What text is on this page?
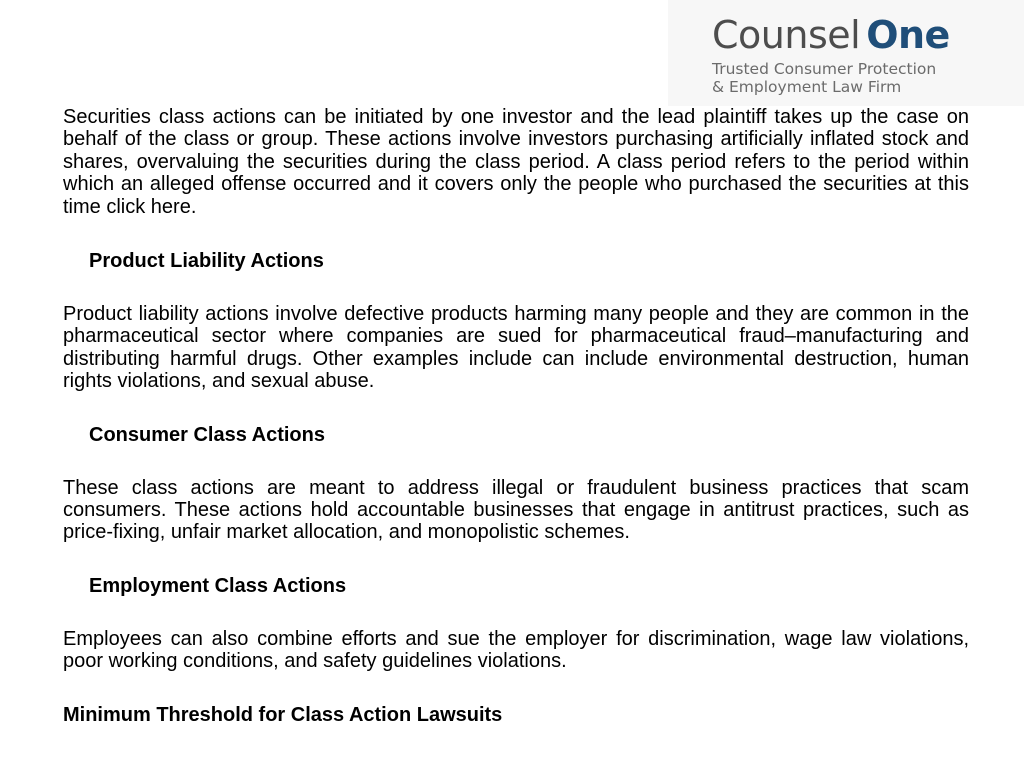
Counsel One
Trusted Consumer Protection
& Employment Law Firm

Securities class actions can be initiated by one investor and the lead plaintiff takes up the case on behalf of the class or group. These actions involve investors purchasing artificially inflated stock and shares, overvaluing the securities during the class period. A class period refers to the period within which an alleged offense occurred and it covers only the people who purchased the securities at this time click here.

Product Liability Actions

Product liability actions involve defective products harming many people and they are common in the pharmaceutical sector where companies are sued for pharmaceutical fraud–manufacturing and distributing harmful drugs. Other examples include can include environmental destruction, human rights violations, and sexual abuse.

Consumer Class Actions

These class actions are meant to address illegal or fraudulent business practices that scam consumers. These actions hold accountable businesses that engage in antitrust practices, such as price-fixing, unfair market allocation, and monopolistic schemes.

Employment Class Actions

Employees can also combine efforts and sue the employer for discrimination, wage law violations, poor working conditions, and safety guidelines violations.

Minimum Threshold for Class Action Lawsuits
